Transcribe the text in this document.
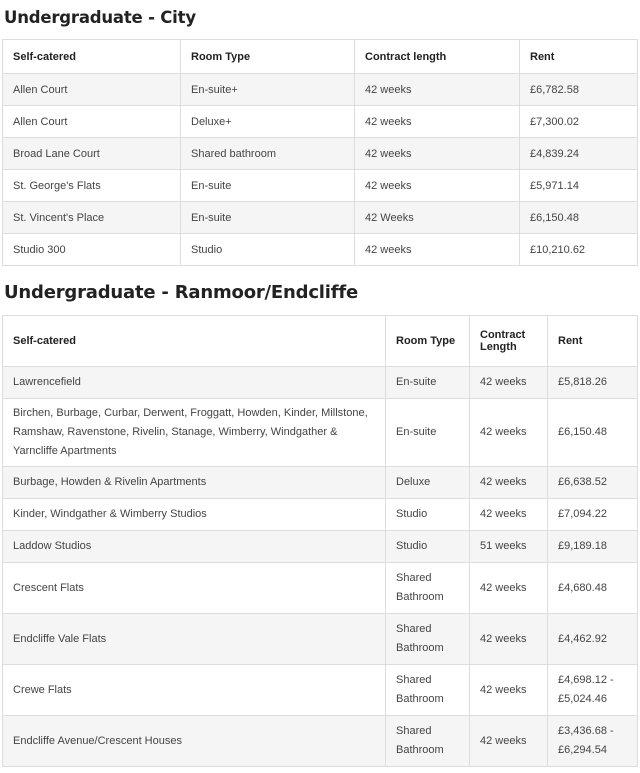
Undergraduate - City
Self-catered	Room Type	Contract length	Rent
Allen Court	En-suite+	42 weeks	£6,782.58
Allen Court	Deluxe+	42 weeks	£7,300.02
Broad Lane Court	Shared bathroom	42 weeks	£4,839.24
St. George's Flats	En-suite	42 weeks	£5,971.14
St. Vincent's Place	En-suite	42 Weeks	£6,150.48
Studio 300	Studio	42 weeks	£10,210.62
Undergraduate - Ranmoor/Endcliffe
Self-catered	Room Type	Contract Length	Rent
Lawrencefield	En-suite	42 weeks	£5,818.26
Birchen, Burbage, Curbar, Derwent, Froggatt, Howden, Kinder, Millstone, Ramshaw, Ravenstone, Rivelin, Stanage, Wimberry, Windgather & Yarncliffe Apartments	En-suite	42 weeks	£6,150.48
Burbage, Howden & Rivelin Apartments	Deluxe	42 weeks	£6,638.52
Kinder, Windgather & Wimberry Studios	Studio	42 weeks	£7,094.22
Laddow Studios	Studio	51 weeks	£9,189.18
Crescent Flats	Shared Bathroom	42 weeks	£4,680.48
Endcliffe Vale Flats	Shared Bathroom	42 weeks	£4,462.92
Crewe Flats	Shared Bathroom	42 weeks	£4,698.12 - £5,024.46
Endcliffe Avenue/Crescent Houses	Shared Bathroom	42 weeks	£3,436.68 - £6,294.54
